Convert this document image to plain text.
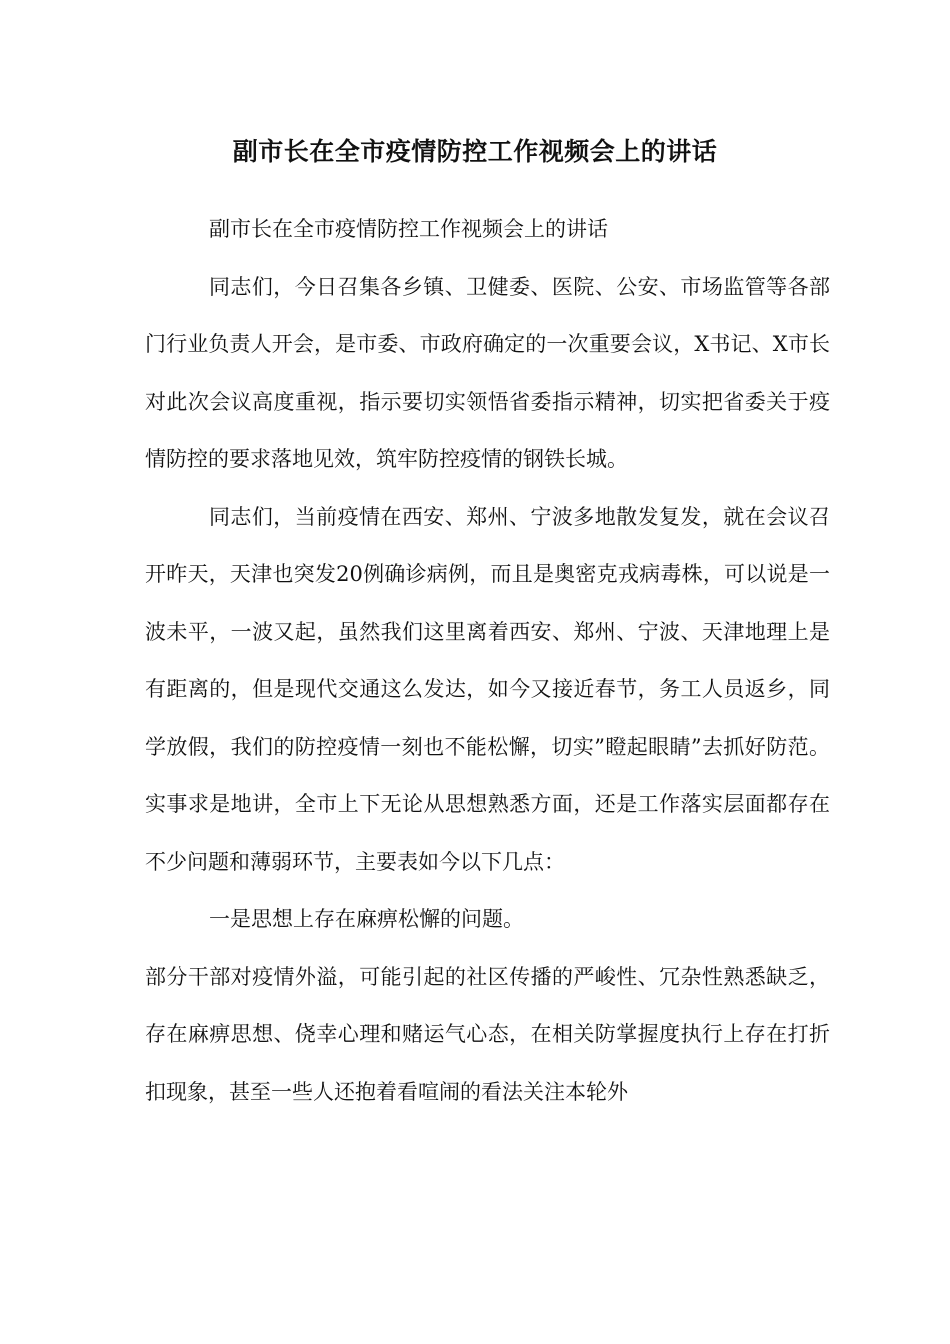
副市长在全市疫情防控工作视频会上的讲话

副市长在全市疫情防控工作视频会上的讲话

同志们，今日召集各乡镇、卫健委、医院、公安、市场监管等各部门行业负责人开会，是市委、市政府确定的一次重要会议，X书记、X市长对此次会议高度重视，指示要切实领悟省委指示精神，切实把省委关于疫情防控的要求落地见效，筑牢防控疫情的钢铁长城。

同志们，当前疫情在西安、郑州、宁波多地散发复发，就在会议召开昨天，天津也突发20例确诊病例，而且是奥密克戎病毒株，可以说是一波未平，一波又起，虽然我们这里离着西安、郑州、宁波、天津地理上是有距离的，但是现代交通这么发达，如今又接近春节，务工人员返乡，同学放假，我们的防控疫情一刻也不能松懈，切实”瞪起眼睛”去抓好防范。实事求是地讲，全市上下无论从思想熟悉方面，还是工作落实层面都存在不少问题和薄弱环节，主要表如今以下几点：

一是思想上存在麻痹松懈的问题。

部分干部对疫情外溢，可能引起的社区传播的严峻性、冗杂性熟悉缺乏，存在麻痹思想、侥幸心理和赌运气心态，在相关防掌握度执行上存在打折扣现象，甚至一些人还抱着看喧闹的看法关注本轮外
